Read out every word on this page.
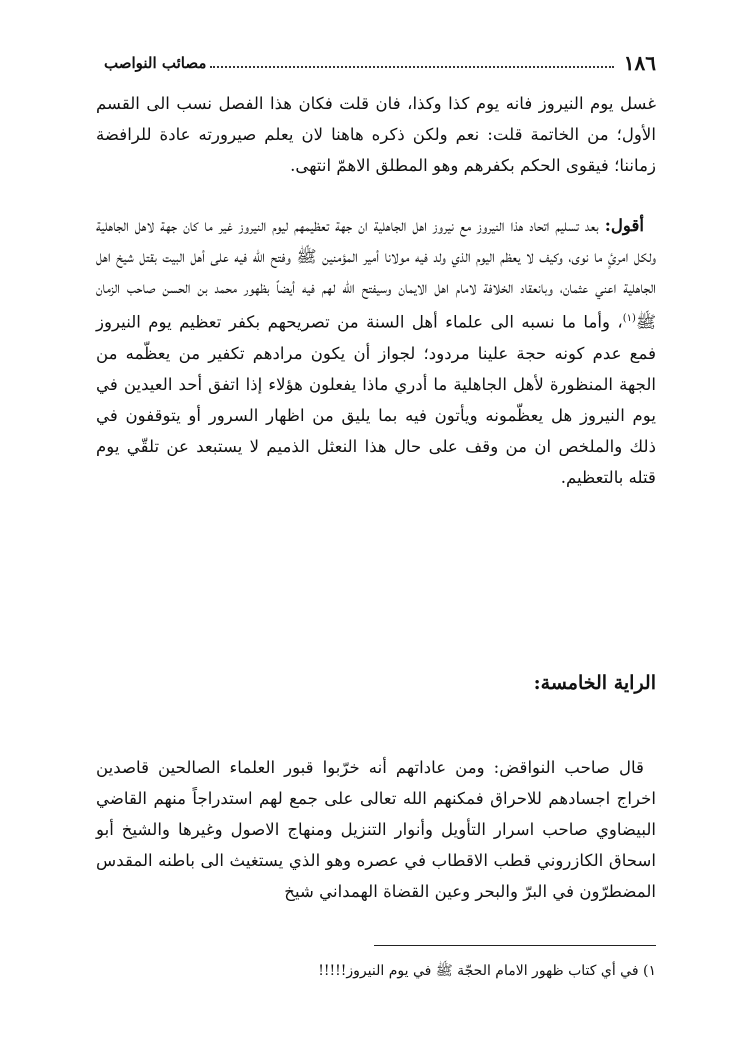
١٨٦
مصائب النواصب

غسل يوم النيروز فانه يوم كذا وكذا، فان قلت فكان هذا الفصل نسب الى القسم الأول؛ من الخاتمة قلت: نعم ولكن ذكره هاهنا لان يعلم صيرورته عادة للرافضة زماننا؛ فيقوى الحكم بكفرهم وهو المطلق الاهمّ انتهى.

أقول: بعد تسليم اتحاد هذا النيروز مع نيروز اهل الجاهلية ان جهة تعظيمهم ليوم النيروز غير ما كان جهة لاهل الجاهلية ولكل امرئٍ ما نوى، وكيف لا يعظم اليوم الذي ولد فيه مولانا أمير المؤمنين ﷺ وفتح الله فيه على أهل البيت بقتل شيخ اهل الجاهلية اعني عثمان، وبانعقاد الخلافة لامام اهل الايمان وسيفتح الله لهم فيه أيضاً بظهور محمد بن الحسن صاحب الزمان ﷺ$^{(١)}$، وأما ما نسبه الى علماء أهل السنة من تصريحهم بكفر تعظيم يوم النيروز فمع عدم كونه حجة علينا مردود؛ لجواز أن يكون مرادهم تكفير من يعظّمه من الجهة المنظورة لأهل الجاهلية ما أدري ماذا يفعلون هؤلاء إذا اتفق أحد العيدين في يوم النيروز هل يعظّمونه ويأتون فيه بما يليق من اظهار السرور أو يتوقفون في ذلك والملخص ان من وقف على حال هذا النعثل الذميم لا يستبعد عن تلقّي يوم قتله بالتعظيم.

الراية الخامسة:

قال صاحب النواقض: ومن عاداتهم أنه خرّبوا قبور العلماء الصالحين قاصدين اخراج اجسادهم للاحراق فمكنهم الله تعالى على جمع لهم استدراجاً منهم القاضي البيضاوي صاحب اسرار التأويل وأنوار التنزيل ومنهاج الاصول وغيرها والشيخ أبو اسحاق الكازروني قطب الاقطاب في عصره وهو الذي يستغيث الى باطنه المقدس المضطرّون في البرّ والبحر وعين القضاة الهمداني شيخ

١) في أي كتاب ظهور الامام الحجّة ﷺ في يوم النيروز!!!!!
